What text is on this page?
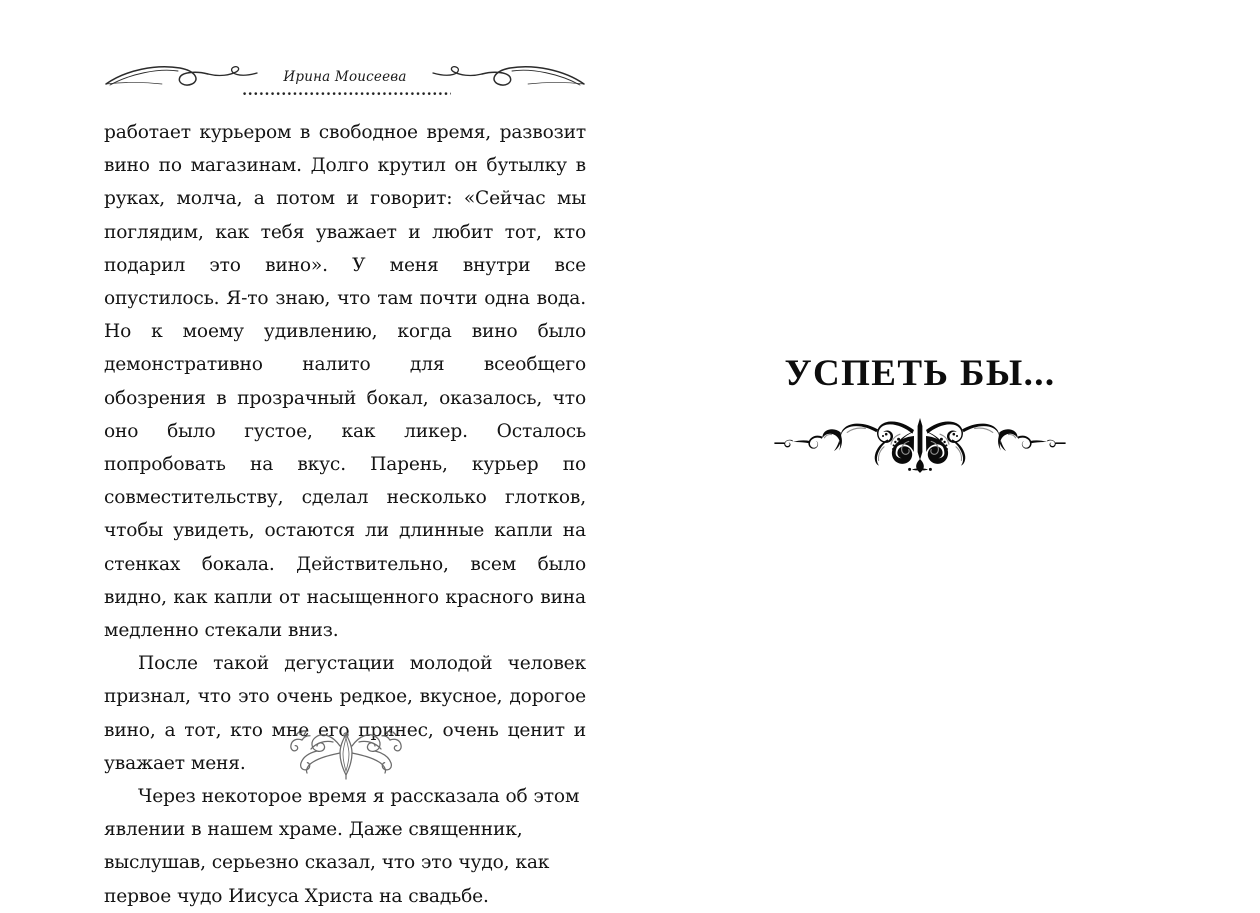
Ирина Моисеева

работает курьером в свободное время, развозит вино по магазинам. Долго крутил он бутылку в руках, молча, а потом и говорит: «Сейчас мы поглядим, как тебя уважает и любит тот, кто подарил это вино». У меня внутри все опустилось. Я-то знаю, что там почти одна вода. Но к моему удивлению, когда вино было демонстративно налито для всеобщего обозрения в прозрачный бокал, оказалось, что оно было густое, как ликер. Осталось попробовать на вкус. Парень, курьер по совместительству, сделал несколько глотков, чтобы увидеть, остаются ли длинные капли на стенках бокала. Действительно, всем было видно, как капли от насыщенного красного вина медленно стекали вниз.

После такой дегустации молодой человек признал, что это очень редкое, вкусное, дорогое вино, а тот, кто мне его принес, очень ценит и уважает меня.

Через некоторое время я рассказала об этом явлении в нашем храме. Даже священник, выслушав, серьезно сказал, что это чудо, как первое чудо Иисуса Христа на свадьбе.

УСПЕТЬ БЫ...
